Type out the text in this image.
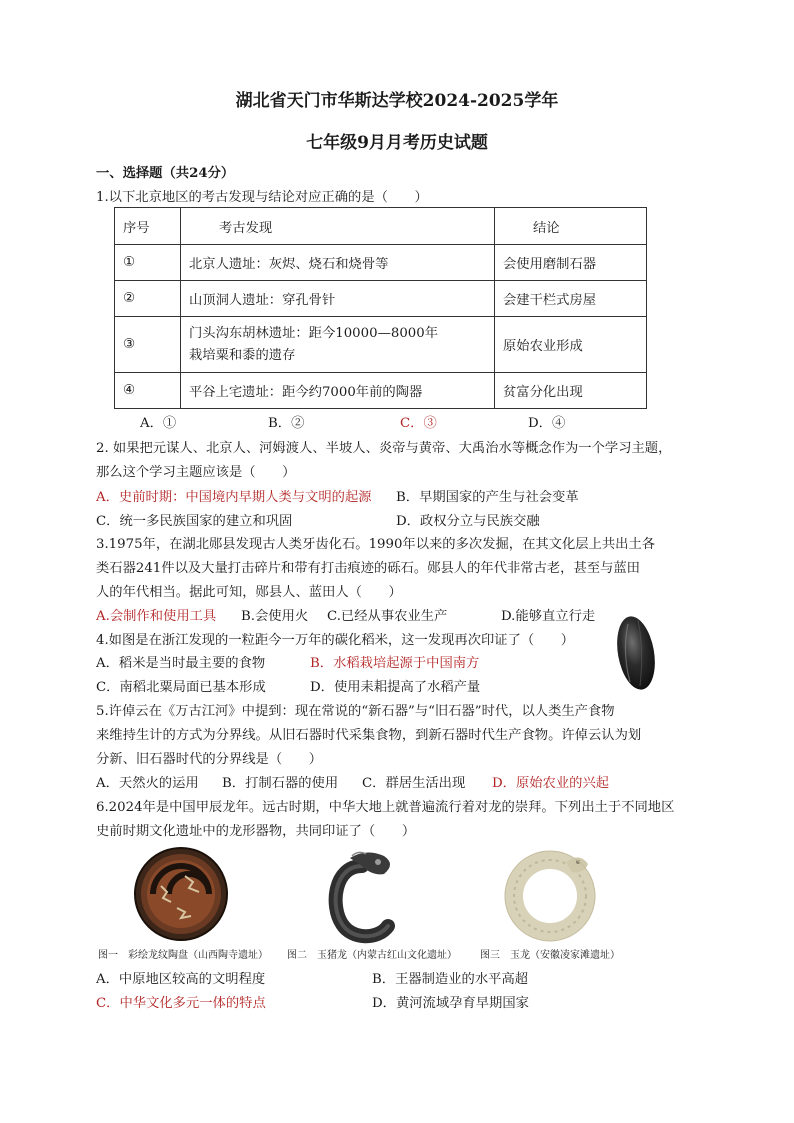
湖北省天门市华斯达学校2024-2025学年
七年级9月月考历史试题
一、选择题（共24分）
1.以下北京地区的考古发现与结论对应正确的是（　　）
序号	考古发现	结论
①	北京人遗址：灰烬、烧石和烧骨等	会使用磨制石器
②	山顶洞人遗址：穿孔骨针	会建干栏式房屋
③	门头沟东胡林遗址：距今10000—8000年
栽培粟和黍的遗存	原始农业形成
④	平谷上宅遗址：距今约7000年前的陶器	贫富分化出现
A．①	B．②	C．③	D．④
2. 如果把元谋人、北京人、河姆渡人、半坡人、炎帝与黄帝、大禹治水等概念作为一个学习主题，
那么这个学习主题应该是（　　）
A．史前时期：中国境内早期人类与文明的起源 B．早期国家的产生与社会变革
C．统一多民族国家的建立和巩固	D．政权分立与民族交融
3.1975年，在湖北郧县发现古人类牙齿化石。1990年以来的多次发掘，在其文化层上共出土各
类石器241件以及大量打击碎片和带有打击痕迹的砾石。郧县人的年代非常古老，甚至与蓝田
人的年代相当。据此可知，郧县人、蓝田人（　　）
A.会制作和使用工具 B.会使用火 C.已经从事农业生产	D.能够直立行走
4.如图是在浙江发现的一粒距今一万年的碳化稻米，这一发现再次印证了（　　）
A．稻米是当时最主要的食物	B．水稻栽培起源于中国南方
C．南稻北粟局面已基本形成	D．使用耒耜提高了水稻产量
5.许倬云在《万古江河》中提到：现在常说的“新石器”与“旧石器”时代，以人类生产食物
来维持生计的方式为分界线。从旧石器时代采集食物，到新石器时代生产食物。许倬云认为划
分新、旧石器时代的分界线是（　　）
A．天然火的运用 B．打制石器的使用 C．群居生活出现 D．原始农业的兴起
6.2024年是中国甲辰龙年。远古时期，中华大地上就普遍流行着对龙的崇拜。下列出土于不同地区
史前时期文化遗址中的龙形器物，共同印证了（　　）
图一　彩绘龙纹陶盘（山西陶寺遗址） 图二　玉猪龙（内蒙古红山文化遗址） 图三　玉龙（安徽凌家滩遗址）
A．中原地区较高的文明程度	B．王器制造业的水平高超
C．中华文化多元一体的特点	D．黄河流域孕育早期国家
